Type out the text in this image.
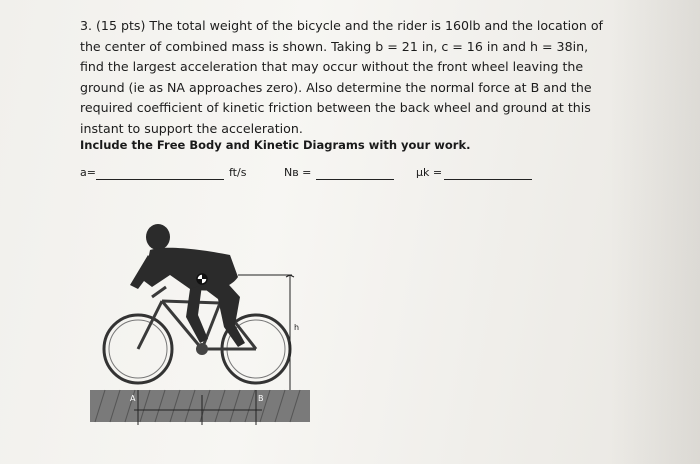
3. (15 pts) The total weight of the bicycle and the rider is 160lb and the location of

the center of combined mass is shown. Taking b = 21 in, c = 16 in and h = 38in,

find the largest acceleration that may occur without the front wheel leaving the

ground (ie as NA approaches zero). Also determine the normal force at B and the

required coefficient of kinetic friction between the back wheel and ground at this

instant to support the acceleration.

Include the Free Body and Kinetic Diagrams with your work.
a=	ft/s	Nʙ =	μk =
h
A	B
